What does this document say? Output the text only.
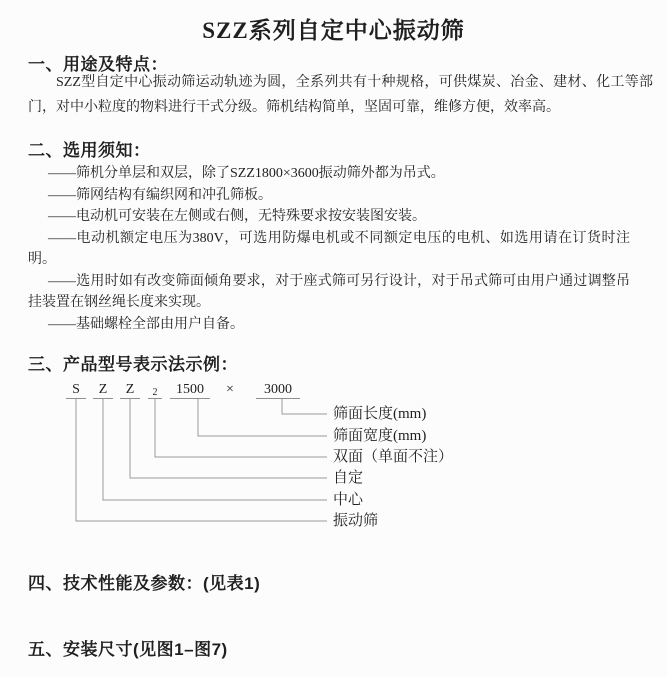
SZZ系列自定中心振动筛
一、用途及特点：

SZZ型自定中心振动筛运动轨迹为圆，全系列共有十种规格，可供煤炭、冶金、建材、化工等部门，对中小粒度的物料进行干式分级。筛机结构简单，坚固可靠，维修方便，效率高。

二、选用须知：

——筛机分单层和双层，除了SZZ1800×3600振动筛外都为吊式。

——筛网结构有编织网和冲孔筛板。

——电动机可安装在左侧或右侧，无特殊要求按安装图安装。

——电动机额定电压为380V，可选用防爆电机或不同额定电压的电机、如选用请在订货时注明。

——选用时如有改变筛面倾角要求，对于座式筛可另行设计，对于吊式筛可由用户通过调整吊挂装置在钢丝绳长度来实现。

——基础螺栓全部由用户自备。

三、产品型号表示法示例：
S	Z	Z	2	1500	×	3000
筛面长度(mm)
筛面宽度(mm)
双面（单面不注）
自定
中心
振动筛
四、技术性能及参数：(见表1)
五、安装尺寸(见图1–图7)
